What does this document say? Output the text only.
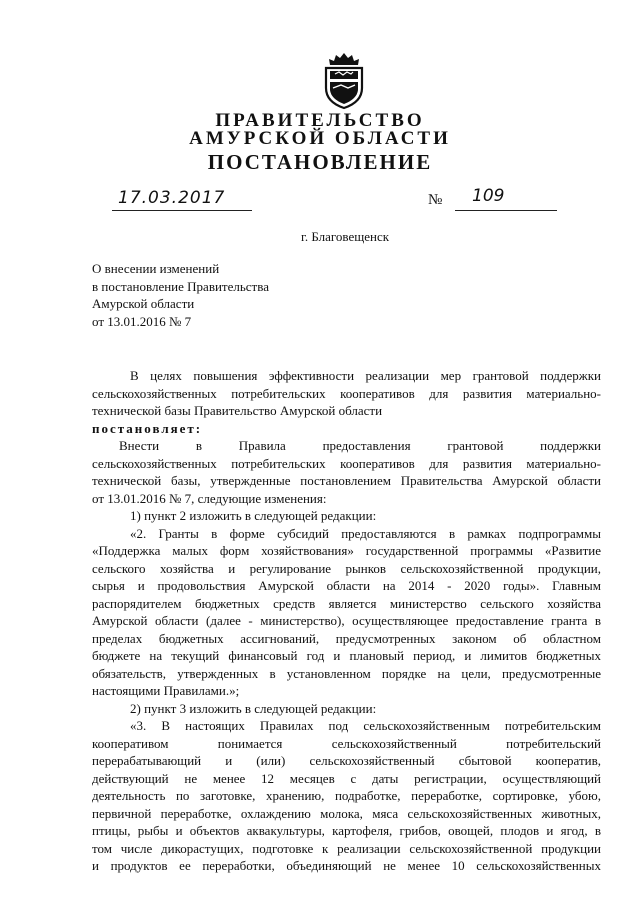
ПРАВИТЕЛЬСТВО
АМУРСКОЙ ОБЛАСТИ
ПОСТАНОВЛЕНИЕ
17.03.2017	№ 109
г. Благовещенск
О внесении изменений
в постановление Правительства
Амурской области
от 13.01.2016 № 7
В целях повышения эффективности реализации мер грантовой поддержки
сельскохозяйственных потребительских кооперативов для развития материально-
технической базы Правительство Амурской области
постановляет:
Внести в Правила предоставления грантовой поддержки
сельскохозяйственных потребительских кооперативов для развития материально-
технической базы, утвержденные постановлением Правительства Амурской области
от 13.01.2016 № 7, следующие изменения:
1) пункт 2 изложить в следующей редакции:
«2. Гранты в форме субсидий предоставляются в рамках подпрограммы
«Поддержка малых форм хозяйствования» государственной программы «Развитие
сельского хозяйства и регулирование рынков сельскохозяйственной продукции,
сырья и продовольствия Амурской области на 2014 - 2020 годы». Главным
распорядителем бюджетных средств является министерство сельского хозяйства
Амурской области (далее - министерство), осуществляющее предоставление гранта в
пределах бюджетных ассигнований, предусмотренных законом об областном
бюджете на текущий финансовый год и плановый период, и лимитов бюджетных
обязательств, утвержденных в установленном порядке на цели, предусмотренные
настоящими Правилами.»;
2) пункт 3 изложить в следующей редакции:
«3. В настоящих Правилах под сельскохозяйственным потребительским
кооперативом понимается сельскохозяйственный потребительский
перерабатывающий и (или) сельскохозяйственный сбытовой кооператив,
действующий не менее 12 месяцев с даты регистрации, осуществляющий
деятельность по заготовке, хранению, подработке, переработке, сортировке, убою,
первичной переработке, охлаждению молока, мяса сельскохозяйственных животных,
птицы, рыбы и объектов аквакультуры, картофеля, грибов, овощей, плодов и ягод, в
том числе дикорастущих, подготовке к реализации сельскохозяйственной продукции
и продуктов ее переработки, объединяющий не менее 10 сельскохозяйственных
